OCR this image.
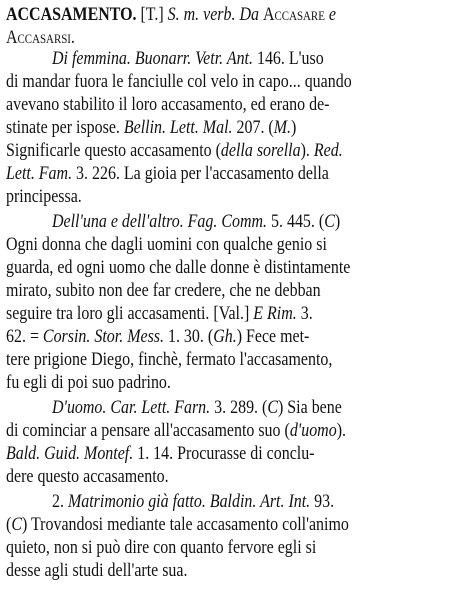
ACCASAMENTO. [T.] S. m. verb. Da Accasare e
Accasarsi.
Di femmina. Buonarr. Vetr. Ant. 146. L'uso
di mandar fuora le fanciulle col velo in capo... quando
avevano stabilito il loro accasamento, ed erano de-
stinate per ispose. Bellin. Lett. Mal. 207. (M.)
Significarle questo accasamento (della sorella). Red.
Lett. Fam. 3. 226. La gioia per l'accasamento della
principessa.
Dell'una e dell'altro. Fag. Comm. 5. 445. (C)
Ogni donna che dagli uomini con qualche genio si
guarda, ed ogni uomo che dalle donne è distintamente
mirato, subito non dee far credere, che ne debban
seguire tra loro gli accasamenti. [Val.] E Rim. 3.
62. = Corsin. Stor. Mess. 1. 30. (Gh.) Fece met-
tere prigione Diego, finchè, fermato l'accasamento,
fu egli di poi suo padrino.
D'uomo. Car. Lett. Farn. 3. 289. (C) Sia bene
di cominciar a pensare all'accasamento suo (d'uomo).
Bald. Guid. Montef. 1. 14. Procurasse di conclu-
dere questo accasamento.
2. Matrimonio già fatto. Baldin. Art. Int. 93.
(C) Trovandosi mediante tale accasamento coll'animo
quieto, non si può dire con quanto fervore egli si
desse agli studi dell'arte sua.
